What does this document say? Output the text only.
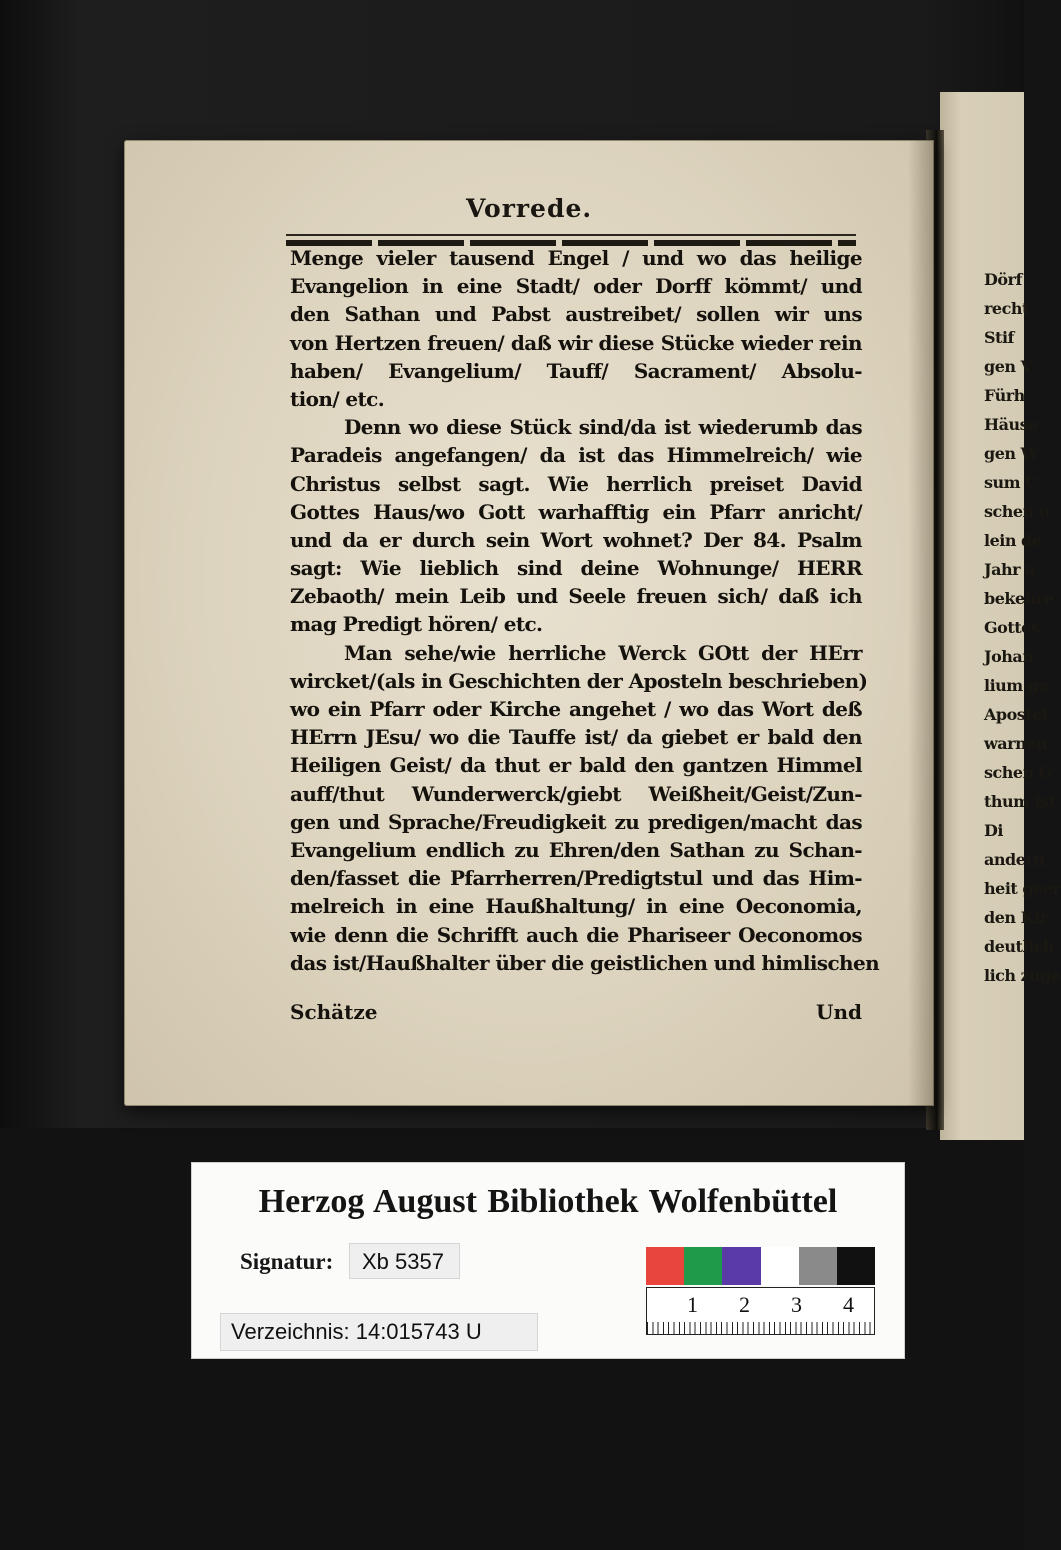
Dörf
recht
Stif
gen V
Fürh
Häuse
gen W
sum C
schen u
lein de
Jahr a
bekehre
Gottes
Johan
lium ge
Apostel
warnen
schen G
thum ist
Di
andern
heit geer
den Kir
deutlich
lich zuge
Vorrede.
Menge vieler tausend Engel / und wo das heilige
Evangelion in eine Stadt/ oder Dorff kömmt/ und
den Sathan und Pabst austreibet/ sollen wir uns
von Hertzen freuen/ daß wir diese Stücke wieder rein
haben/ Evangelium/ Tauff/ Sacrament/ Absolu-
tion/ etc.
Denn wo diese Stück sind/da ist wiederumb das
Paradeis angefangen/ da ist das Himmelreich/ wie
Christus selbst sagt. Wie herrlich preiset David
Gottes Haus/wo Gott warhafftig ein Pfarr anricht/
und da er durch sein Wort wohnet? Der 84. Psalm
sagt: Wie lieblich sind deine Wohnunge/ HERR
Zebaoth/ mein Leib und Seele freuen sich/ daß ich
mag Predigt hören/ etc.
Man sehe/wie herrliche Werck GOtt der HErr
wircket/(als in Geschichten der Aposteln beschrieben)
wo ein Pfarr oder Kirche angehet / wo das Wort deß
HErrn JEsu/ wo die Tauffe ist/ da giebet er bald den
Heiligen Geist/ da thut er bald den gantzen Himmel
auff/thut Wunderwerck/giebt Weißheit/Geist/Zun-
gen und Sprache/Freudigkeit zu predigen/macht das
Evangelium endlich zu Ehren/den Sathan zu Schan-
den/fasset die Pfarrherren/Predigtstul und das Him-
melreich in eine Haußhaltung/ in eine Oeconomia,
wie denn die Schrifft auch die Phariseer Oeconomos
das ist/Haußhalter über die geistlichen und himlischen
Schätze	Und
Herzog August Bibliothek Wolfenbüttel
Signatur:	Xb 5357
Verzeichnis: 14:015743 U
1 2 3 4
